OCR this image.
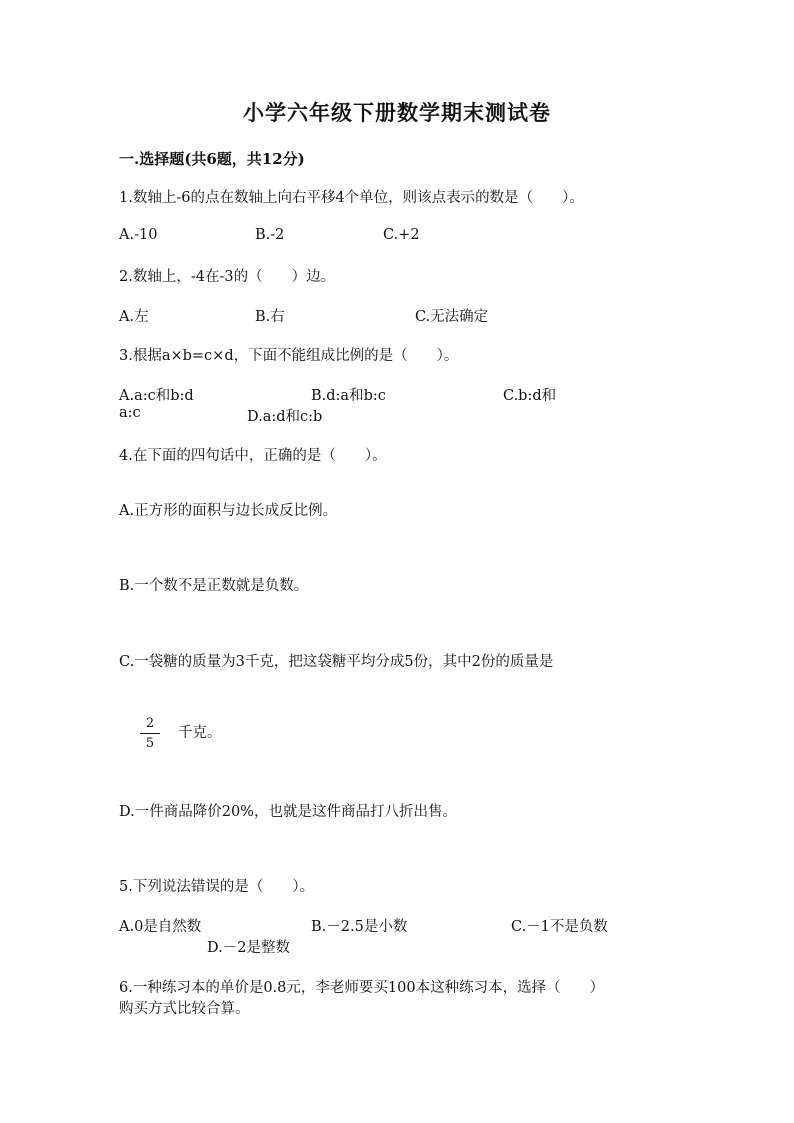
小学六年级下册数学期末测试卷
一.选择题(共6题，共12分)
1.数轴上-6的点在数轴上向右平移4个单位，则该点表示的数是（　　）。
A.-10	B.-2	C.+2
2.数轴上，-4在-3的（　　）边。
A.左	B.右	C.无法确定
3.根据a×b=c×d，下面不能组成比例的是（　　）。
A.a:c和b:d	B.d:a和b:c	C.b:d和
a:c	D.a:d和c:b
4.在下面的四句话中，正确的是（　　）。
A.正方形的面积与边长成反比例。
B.一个数不是正数就是负数。
C.一袋糖的质量为3千克，把这袋糖平均分成5份，其中2份的质量是
2
5
千克。
D.一件商品降价20%，也就是这件商品打八折出售。
5.下列说法错误的是（　　）。
A.0是自然数	B.－2.5是小数	C.－1不是负数
D.－2是整数
6.一种练习本的单价是0.8元，李老师要买100本这种练习本，选择（　　）
购买方式比较合算。
